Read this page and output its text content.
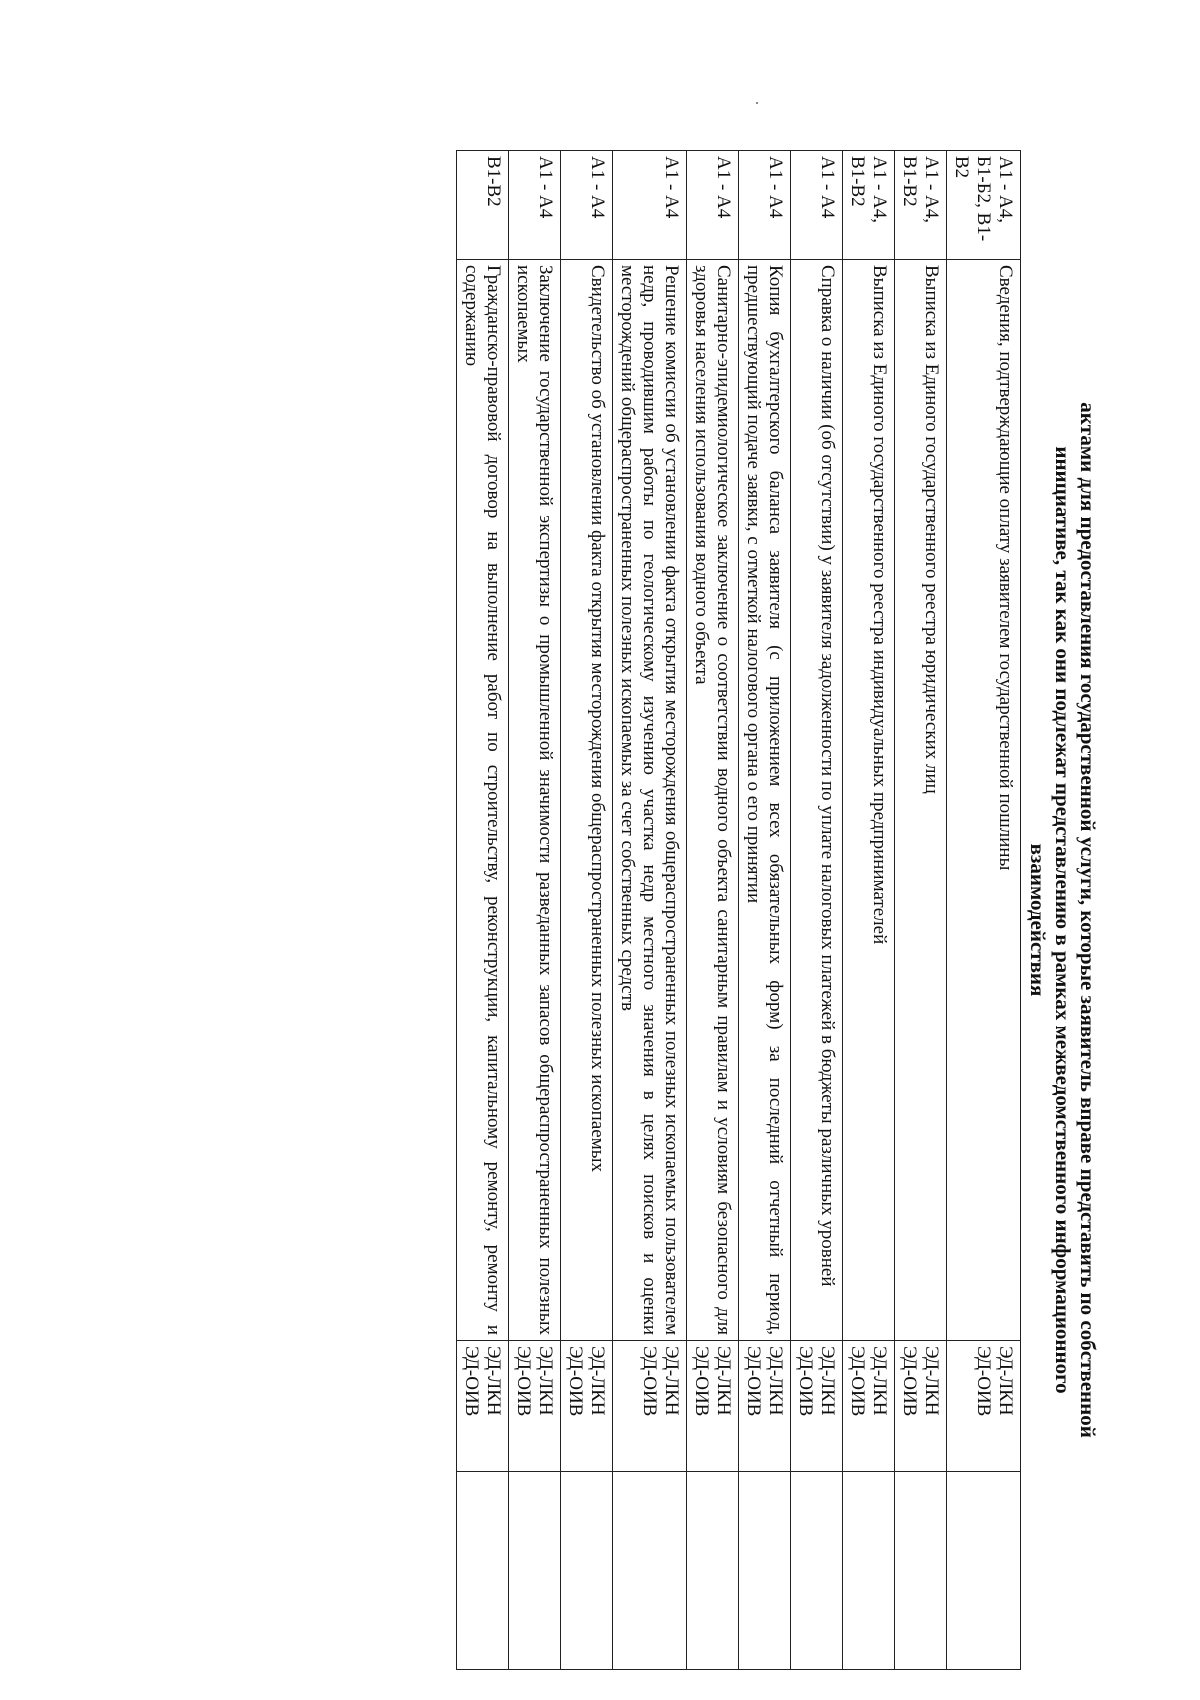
актами для предоставления государственной услуги, которые заявитель вправе представить по собственной
инициативе, так как они подлежат представлению в рамках межведомственного информационного
взаимодействия
А1 - А4, Б1-Б2, В1-В2	Сведения, подтверждающие оплату заявителем государственной пошлины	ЭД-ЛКН
ЭД-ОИВ	

А1 - А4, В1-В2	Выписка из Единого государственного реестра юридических лиц	ЭД-ЛКН
ЭД-ОИВ	

А1 - А4, В1-В2	Выписка из Единого государственного реестра индивидуальных предпринимателей	ЭД-ЛКН
ЭД-ОИВ	

А1 - А4	Справка о наличии (об отсутствии) у заявителя задолженности по уплате налоговых платежей в бюджеты различных уровней	ЭД-ЛКН
ЭД-ОИВ	

А1 - А4	Копия бухгалтерского баланса заявителя (с приложением всех обязательных форм) за последний отчетный период, предшествующий подаче заявки, с отметкой налогового органа о его принятии	ЭД-ЛКН
ЭД-ОИВ	

А1 - А4	Санитарно-эпидемиологическое заключение о соответствии водного объекта санитарным правилам и условиям безопасного для здоровья населения использования водного объекта	ЭД-ЛКН
ЭД-ОИВ	

А1 - А4	Решение комиссии об установлении факта открытия месторождения общераспространенных полезных ископаемых пользователем недр, проводившим работы по геологическому изучению участка недр местного значения в целях поисков и оценки месторождений общераспространенных полезных ископаемых за счет собственных средств	ЭД-ЛКН
ЭД-ОИВ	

А1 - А4	Свидетельство об установлении факта открытия месторождения общераспространенных полезных ископаемых	ЭД-ЛКН
ЭД-ОИВ	

А1 - А4	Заключение государственной экспертизы о промышленной значимости разведанных запасов общераспространенных полезных ископаемых	ЭД-ЛКН
ЭД-ОИВ	

В1-В2	Гражданско-правовой договор на выполнение работ по строительству, реконструкции, капитальному ремонту, ремонту и содержанию	ЭД-ЛКН
ЭД-ОИВ	
